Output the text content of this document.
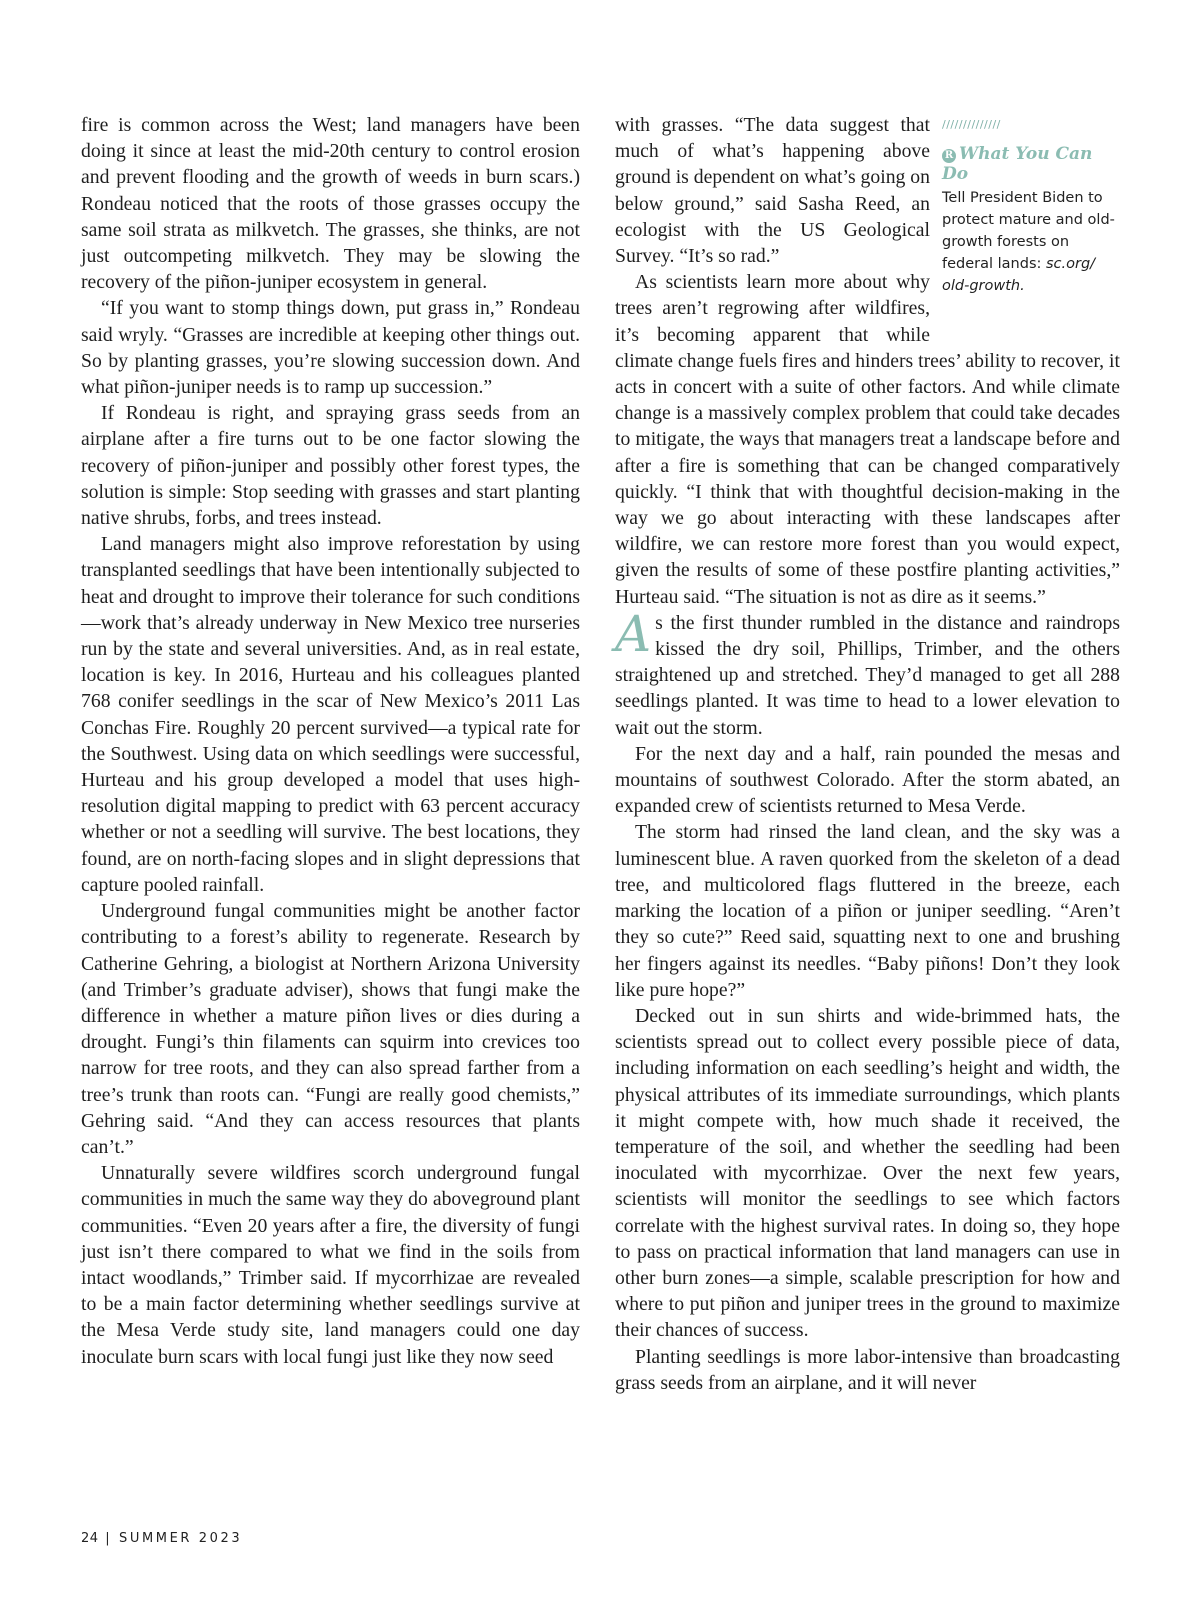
fire is common across the West; land managers have been doing it since at least the mid-20th century to control erosion and prevent flooding and the growth of weeds in burn scars.) Rondeau noticed that the roots of those grasses occupy the same soil strata as milkvetch. The grasses, she thinks, are not just outcompeting milkvetch. They may be slowing the recovery of the piñon-juniper ecosystem in general.

“If you want to stomp things down, put grass in,” Rondeau said wryly. “Grasses are incredible at keeping other things out. So by planting grasses, you’re slowing succession down. And what piñon-juniper needs is to ramp up succession.”

If Rondeau is right, and spraying grass seeds from an airplane after a fire turns out to be one factor slowing the recovery of piñon-juniper and possibly other forest types, the solution is simple: Stop seeding with grasses and start planting native shrubs, forbs, and trees instead.

Land managers might also improve reforestation by using transplanted seedlings that have been intentionally subjected to heat and drought to improve their tolerance for such conditions—work that’s already underway in New Mexico tree nurseries run by the state and several universities. And, as in real estate, location is key. In 2016, Hurteau and his colleagues planted 768 conifer seedlings in the scar of New Mexico’s 2011 Las Conchas Fire. Roughly 20 percent survived—a typical rate for the Southwest. Using data on which seedlings were successful, Hurteau and his group developed a model that uses high-resolution digital mapping to predict with 63 percent accuracy whether or not a seedling will survive. The best locations, they found, are on north-facing slopes and in slight depressions that capture pooled rainfall.

Underground fungal communities might be another factor contributing to a forest’s ability to regenerate. Research by Catherine Gehring, a biologist at Northern Arizona University (and Trimber’s graduate adviser), shows that fungi make the difference in whether a mature piñon lives or dies during a drought. Fungi’s thin filaments can squirm into crevices too narrow for tree roots, and they can also spread farther from a tree’s trunk than roots can. “Fungi are really good chemists,” Gehring said. “And they can access resources that plants can’t.”

Unnaturally severe wildfires scorch underground fungal communities in much the same way they do aboveground plant communities. “Even 20 years after a fire, the diversity of fungi just isn’t there compared to what we find in the soils from intact woodlands,” Trimber said. If mycorrhizae are revealed to be a main factor determining whether seedlings survive at the Mesa Verde study site, land managers could one day inoculate burn scars with local fungi just like they now seed

//////////////
R What You Can Do
Tell President Biden to protect mature and old-growth forests on federal lands: sc.org/ old-growth.

with grasses. “The data suggest that much of what’s happening above ground is dependent on what’s going on below ground,” said Sasha Reed, an ecologist with the US Geological Survey. “It’s so rad.”

As scientists learn more about why trees aren’t regrowing after wildfires, it’s becoming apparent that while climate change fuels fires and hinders trees’ ability to recover, it acts in concert with a suite of other factors. And while climate change is a massively complex problem that could take decades to mitigate, the ways that managers treat a landscape before and after a fire is something that can be changed comparatively quickly. “I think that with thoughtful decision-making in the way we go about interacting with these landscapes after wildfire, we can restore more forest than you would expect, given the results of some of these postfire planting activities,” Hurteau said. “The situation is not as dire as it seems.”

As the first thunder rumbled in the distance and raindrops kissed the dry soil, Phillips, Trimber, and the others straightened up and stretched. They’d managed to get all 288 seedlings planted. It was time to head to a lower elevation to wait out the storm.

For the next day and a half, rain pounded the mesas and mountains of southwest Colorado. After the storm abated, an expanded crew of scientists returned to Mesa Verde.

The storm had rinsed the land clean, and the sky was a luminescent blue. A raven quorked from the skeleton of a dead tree, and multicolored flags fluttered in the breeze, each marking the location of a piñon or juniper seedling. “Aren’t they so cute?” Reed said, squatting next to one and brushing her fingers against its needles. “Baby piñons! Don’t they look like pure hope?”

Decked out in sun shirts and wide-brimmed hats, the scientists spread out to collect every possible piece of data, including information on each seedling’s height and width, the physical attributes of its immediate surroundings, which plants it might compete with, how much shade it received, the temperature of the soil, and whether the seedling had been inoculated with mycorrhizae. Over the next few years, scientists will monitor the seedlings to see which factors correlate with the highest survival rates. In doing so, they hope to pass on practical information that land managers can use in other burn zones—a simple, scalable prescription for how and where to put piñon and juniper trees in the ground to maximize their chances of success.

Planting seedlings is more labor-intensive than broadcasting grass seeds from an airplane, and it will never

24 | SUMMER 2023
